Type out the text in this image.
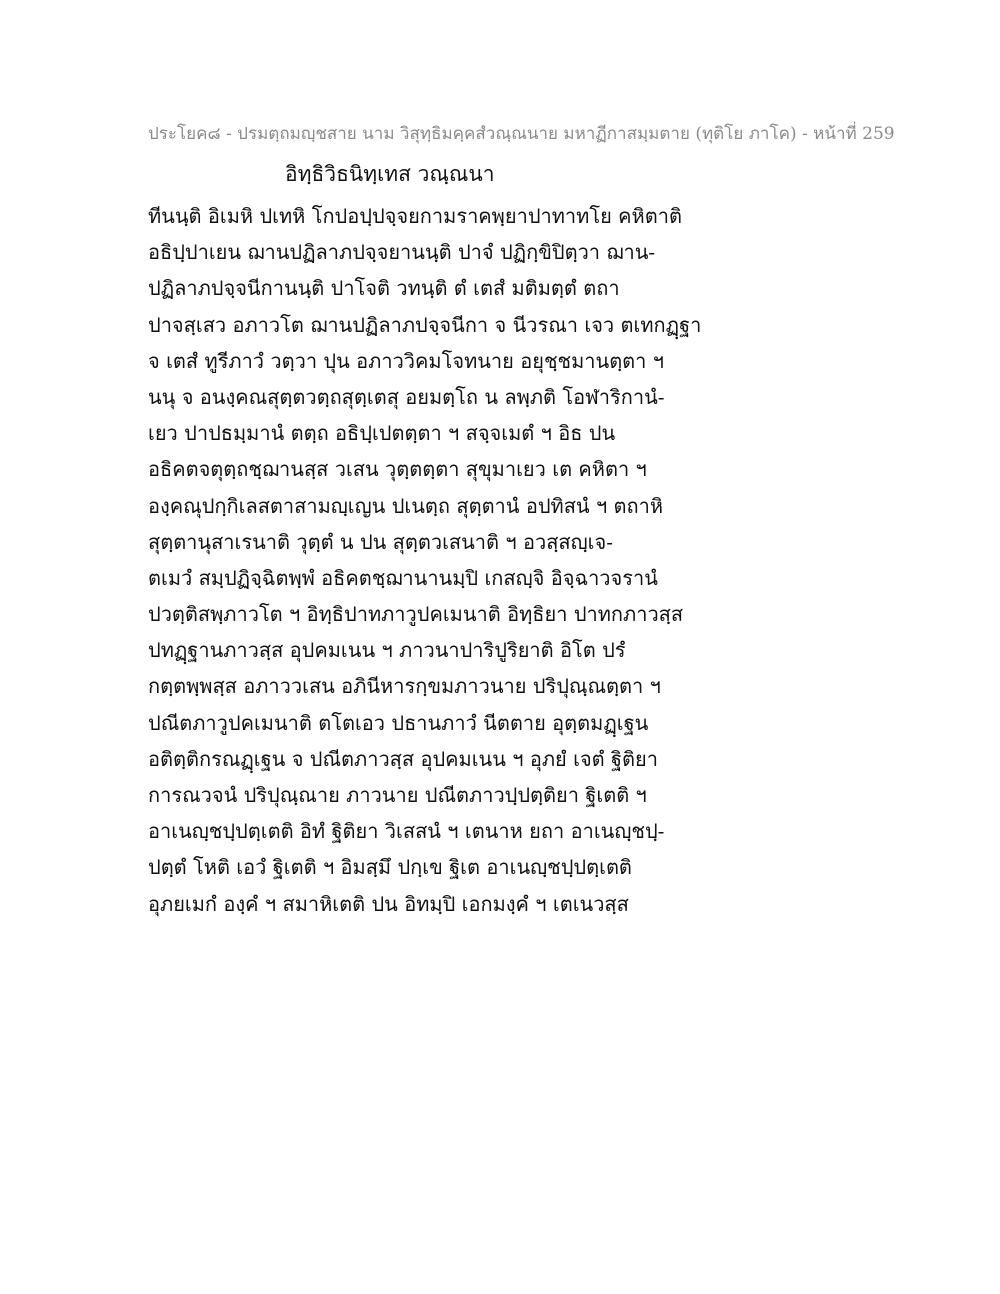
ประโยค๘ - ปรมตฺถมญฺชสาย นาม วิสุทฺธิมคฺคสํวณฺณนาย มหาฏีกาสมฺมตาย (ทุติโย ภาโค) - หน้าที่ 259
อิทฺธิวิธนิทฺเทส วณฺณนา
ทีนนฺติ อิเมหิ ปเทหิ โกปอปฺปจฺจยกามราคพฺยาปาทาทโย คหิตาติ
อธิปฺปาเยน ฌานปฏิลาภปจฺจยานนฺติ ปาจํ ปฏิกฺขิปิตฺวา ฌาน-
ปฏิลาภปจฺจนีกานนฺติ ปาโจติ วทนฺติ ตํ เตสํ มติมตฺตํ ตถา
ปาจสฺเสว อภาวโต ฌานปฏิลาภปจฺจนีกา จ นีวรณา เจว ตเทกฏฺฐา
จ เตสํ ทูรีภาวํ วตฺวา ปุน อภาววิคมโจทนาย อยุชฺชมานตฺตา ฯ
นนุ จ อนงฺคณสุตฺตวตฺถสุตฺเตสุ อยมตฺโถ น ลพฺภติ โอฬาริกานํ-
เยว ปาปธมฺมานํ ตตฺถ อธิปฺเปตตฺตา ฯ สจฺจเมตํ ฯ อิธ ปน
อธิคตจตุตฺถชฺฌานสฺส วเสน วุตฺตตฺตา สุขุมาเยว เต คหิตา ฯ
องฺคณุปกฺกิเลสตาสามญฺเญน ปเนตฺถ สุตฺตานํ อปทิสนํ ฯ ตถาหิ
สุตฺตานุสาเรนาติ วุตฺตํ น ปน สุตฺตวเสนาติ ฯ อวสฺสญฺเจ-
ตเมวํ สมฺปฏิจฺฉิตพฺพํ อธิคตชฺฌานานมฺปิ เกสญฺจิ อิจฺฉาวจรานํ
ปวตฺติสพฺภาวโต ฯ อิทฺธิปาทภาวูปคเมนาติ อิทฺธิยา ปาทกภาวสฺส
ปทฏฺฐานภาวสฺส อุปคมเนน ฯ ภาวนาปาริปูริยาติ อิโต ปรํ
กตฺตพฺพสฺส อภาววเสน อภินีหารกฺขมภาวนาย ปริปุณฺณตฺตา ฯ
ปณีตภาวูปคเมนาติ ตโตเอว ปธานภาวํ นีตตาย อุตฺตมฏฺเฐน
อติตฺติกรณฏฺเฐน จ ปณีตภาวสฺส อุปคมเนน ฯ อุภยํ เจตํ ฐิติยา
การณวจนํ ปริปุณฺณาย ภาวนาย ปณีตภาวปฺปตฺติยา ฐิเตติ ฯ
อาเนญฺชปฺปตฺเตติ อิทํ ฐิติยา วิเสสนํ ฯ เตนาห ยถา อาเนญฺชปฺ-
ปตฺตํ โหติ เอวํ ฐิเตติ ฯ อิมสฺมึ ปกฺเข ฐิเต อาเนญฺชปฺปตฺเตติ
อุภยเมกํ องฺคํ ฯ สมาหิเตติ ปน อิทมฺปิ เอกมงฺคํ ฯ เตเนวสฺส
